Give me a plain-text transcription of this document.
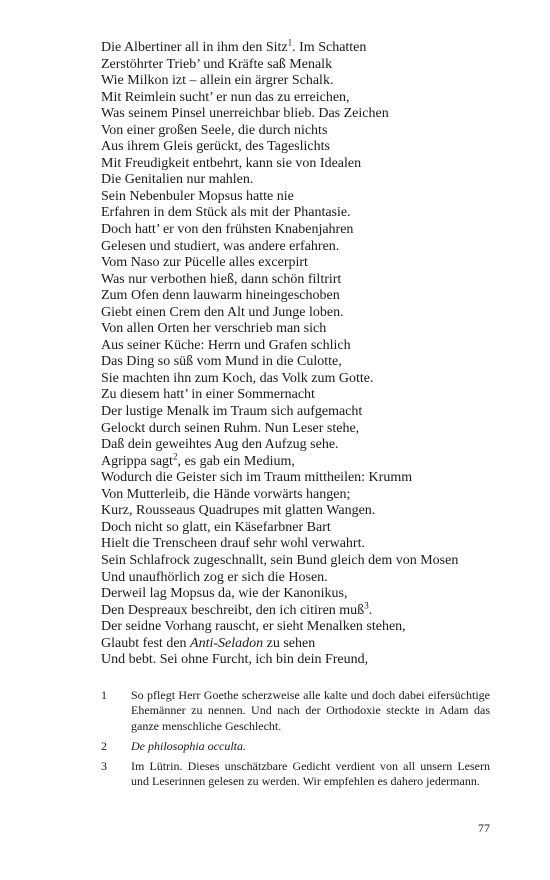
Die Albertiner all in ihm den Sitz$^1$. Im Schatten
Zerstöhrter Trieb’ und Kräfte saß Menalk
Wie Milkon izt – allein ein ärgrer Schalk.
Mit Reimlein sucht’ er nun das zu erreichen,
Was seinem Pinsel unerreichbar blieb. Das Zeichen
Von einer großen Seele, die durch nichts
Aus ihrem Gleis gerückt, des Tageslichts
Mit Freudigkeit entbehrt, kann sie von Idealen
Die Genitalien nur mahlen.
Sein Nebenbuler Mopsus hatte nie
Erfahren in dem Stück als mit der Phantasie.
Doch hatt’ er von den frühsten Knabenjahren
Gelesen und studiert, was andere erfahren.
Vom Naso zur Pücelle alles excerpirt
Was nur verbothen hieß, dann schön filtrirt
Zum Ofen denn lauwarm hineingeschoben
Giebt einen Crem den Alt und Junge loben.
Von allen Orten her verschrieb man sich
Aus seiner Küche: Herrn und Grafen schlich
Das Ding so süß vom Mund in die Culotte,
Sie machten ihn zum Koch, das Volk zum Gotte.
Zu diesem hatt’ in einer Sommernacht
Der lustige Menalk im Traum sich aufgemacht
Gelockt durch seinen Ruhm. Nun Leser stehe,
Daß dein geweihtes Aug den Aufzug sehe.
Agrippa sagt$^2$, es gab ein Medium,
Wodurch die Geister sich im Traum mittheilen: Krumm
Von Mutterleib, die Hände vorwärts hangen;
Kurz, Rousseaus Quadrupes mit glatten Wangen.
Doch nicht so glatt, ein Käsefarbner Bart
Hielt die Trenscheen drauf sehr wohl verwahrt.
Sein Schlafrock zugeschnallt, sein Bund gleich dem von Mosen
Und unaufhörlich zog er sich die Hosen.
Derweil lag Mopsus da, wie der Kanonikus,
Den Despreaux beschreibt, den ich citiren muß$^3$.
Der seidne Vorhang rauscht, er sieht Menalken stehen,
Glaubt fest den Anti-Seladon zu sehen
Und bebt. Sei ohne Furcht, ich bin dein Freund,
1	So pflegt Herr Goethe scherzweise alle kalte und doch dabei eifersüchtige Ehemänner zu nennen. Und nach der Orthodoxie steckte in Adam das ganze menschliche Geschlecht.
2	De philosophia occulta.
3	Im Lütrin. Dieses unschätzbare Gedicht verdient von all unsern Lesern und Leserinnen gelesen zu werden. Wir empfehlen es dahero jedermann.
77
